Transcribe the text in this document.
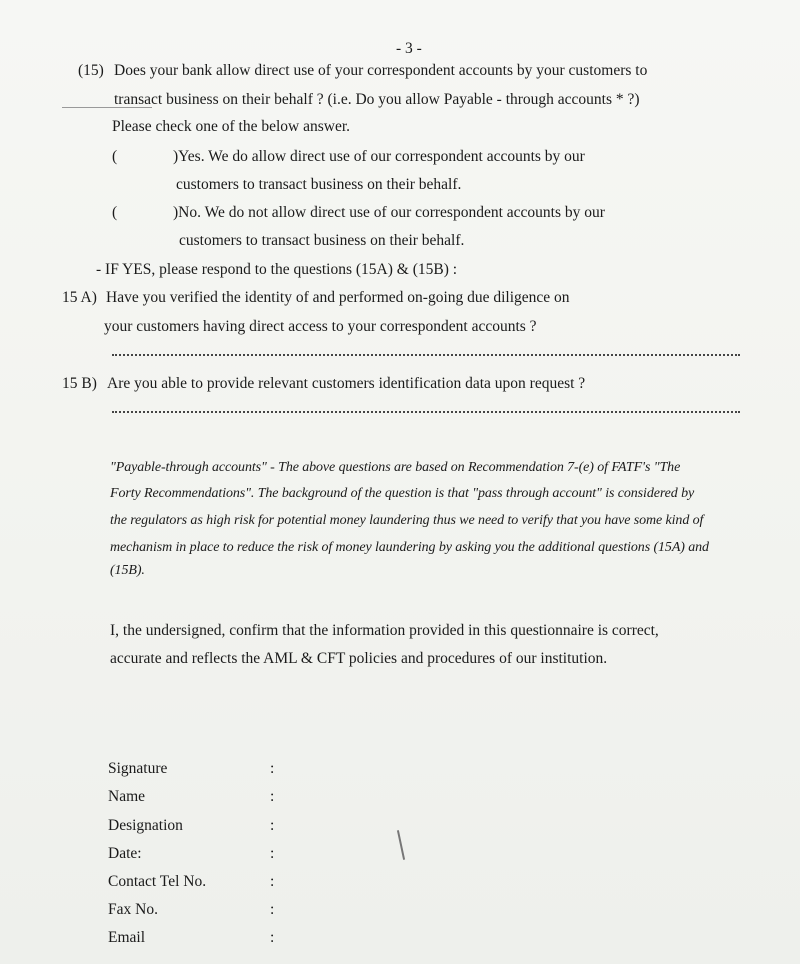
- 3 -
(15) Does your bank allow direct use of your correspondent accounts by your customers to
transact business on their behalf ? (i.e. Do you allow Payable - through accounts * ?)
Please check one of the below answer.
(	)Yes. We do allow direct use of our correspondent accounts by our
customers to transact business on their behalf.
(	)No. We do not allow direct use of our correspondent accounts by our
customers to transact business on their behalf.
- IF YES, please respond to the questions (15A) & (15B) :
15 A) Have you verified the identity of and performed on-going due diligence on
your customers having direct access to your correspondent accounts ?
15 B) Are you able to provide relevant customers identification data upon request ?
"Payable-through accounts" - The above questions are based on Recommendation 7-(e) of FATF's "The
Forty Recommendations". The background of the question is that "pass through account" is considered by
the regulators as high risk for potential money laundering thus we need to verify that you have some kind of
mechanism in place to reduce the risk of money laundering by asking you the additional questions (15A) and
(15B).
I, the undersigned, confirm that the information provided in this questionnaire is correct,
accurate and reflects the AML & CFT policies and procedures of our institution.
Signature	:
Name	:
Designation	:
Date:	:
Contact Tel No.	:
Fax No.	:
Email	:
